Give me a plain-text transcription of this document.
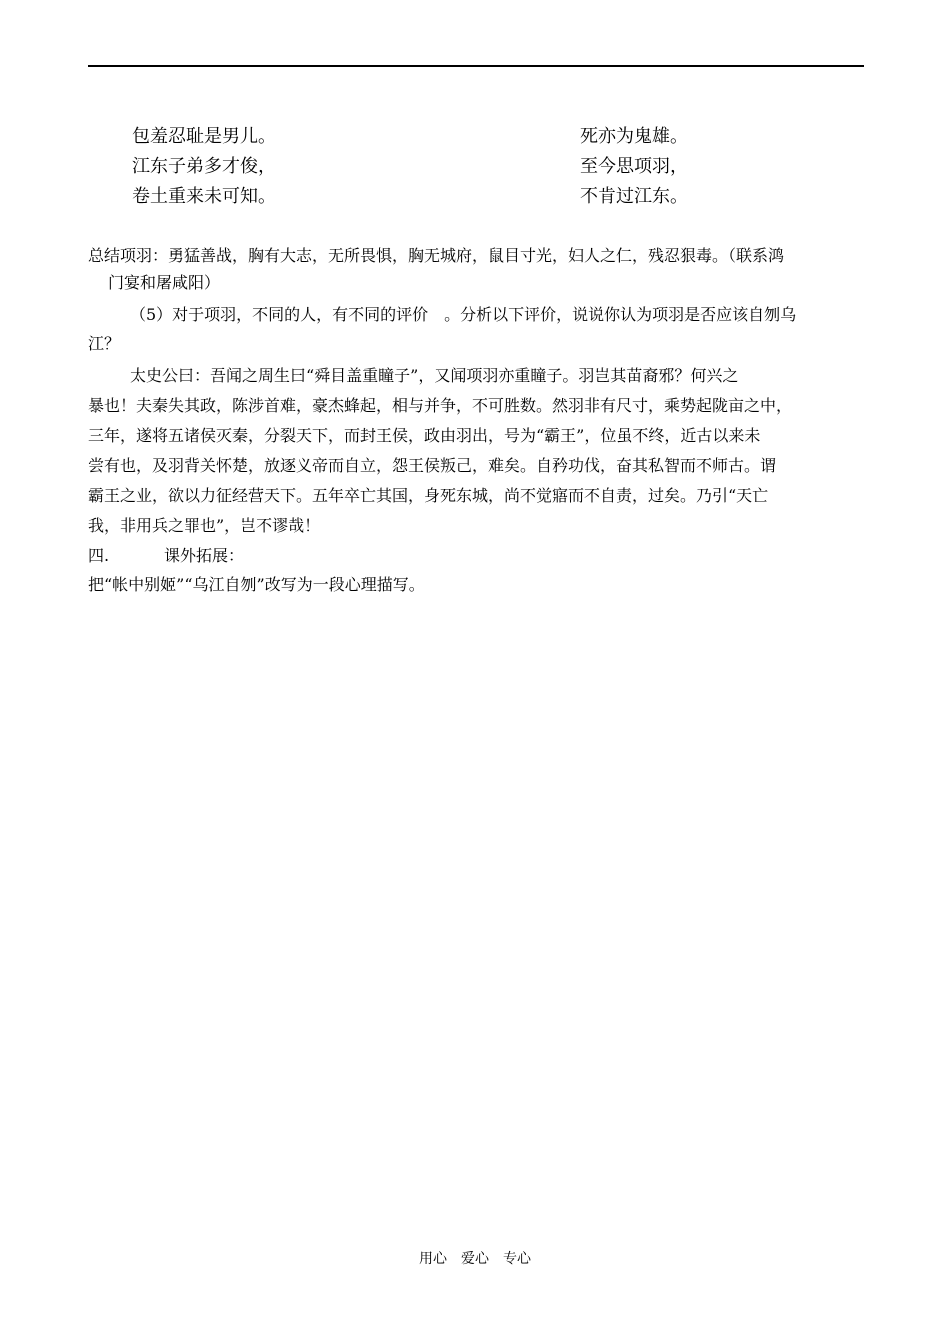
包羞忍耻是男儿。
江东子弟多才俊，
卷土重来未可知。
死亦为鬼雄。
至今思项羽，
不肯过江东。
总结项羽：勇猛善战，胸有大志，无所畏惧，胸无城府，鼠目寸光，妇人之仁，残忍狠毒。（联系鸿
门宴和屠咸阳）
（5）对于项羽，不同的人，有不同的评价　。分析以下评价，说说你认为项羽是否应该自刎乌
江？
太史公曰：吾闻之周生曰“舜目盖重瞳子”，又闻项羽亦重瞳子。羽岂其苗裔邪？何兴之
暴也！夫秦失其政，陈涉首难，豪杰蜂起，相与并争，不可胜数。然羽非有尺寸，乘势起陇亩之中，
三年，遂将五诸侯灭秦，分裂天下，而封王侯，政由羽出，号为“霸王”，位虽不终，近古以来未
尝有也，及羽背关怀楚，放逐义帝而自立，怨王侯叛己，难矣。自矜功伐，奋其私智而不师古。谓
霸王之业，欲以力征经营天下。五年卒亡其国，身死东城，尚不觉寤而不自责，过矣。乃引“天亡
我，非用兵之罪也”，岂不谬哉！
四.	课外拓展：
把“帐中别姬”“乌江自刎”改写为一段心理描写。
用心　爱心　专心
